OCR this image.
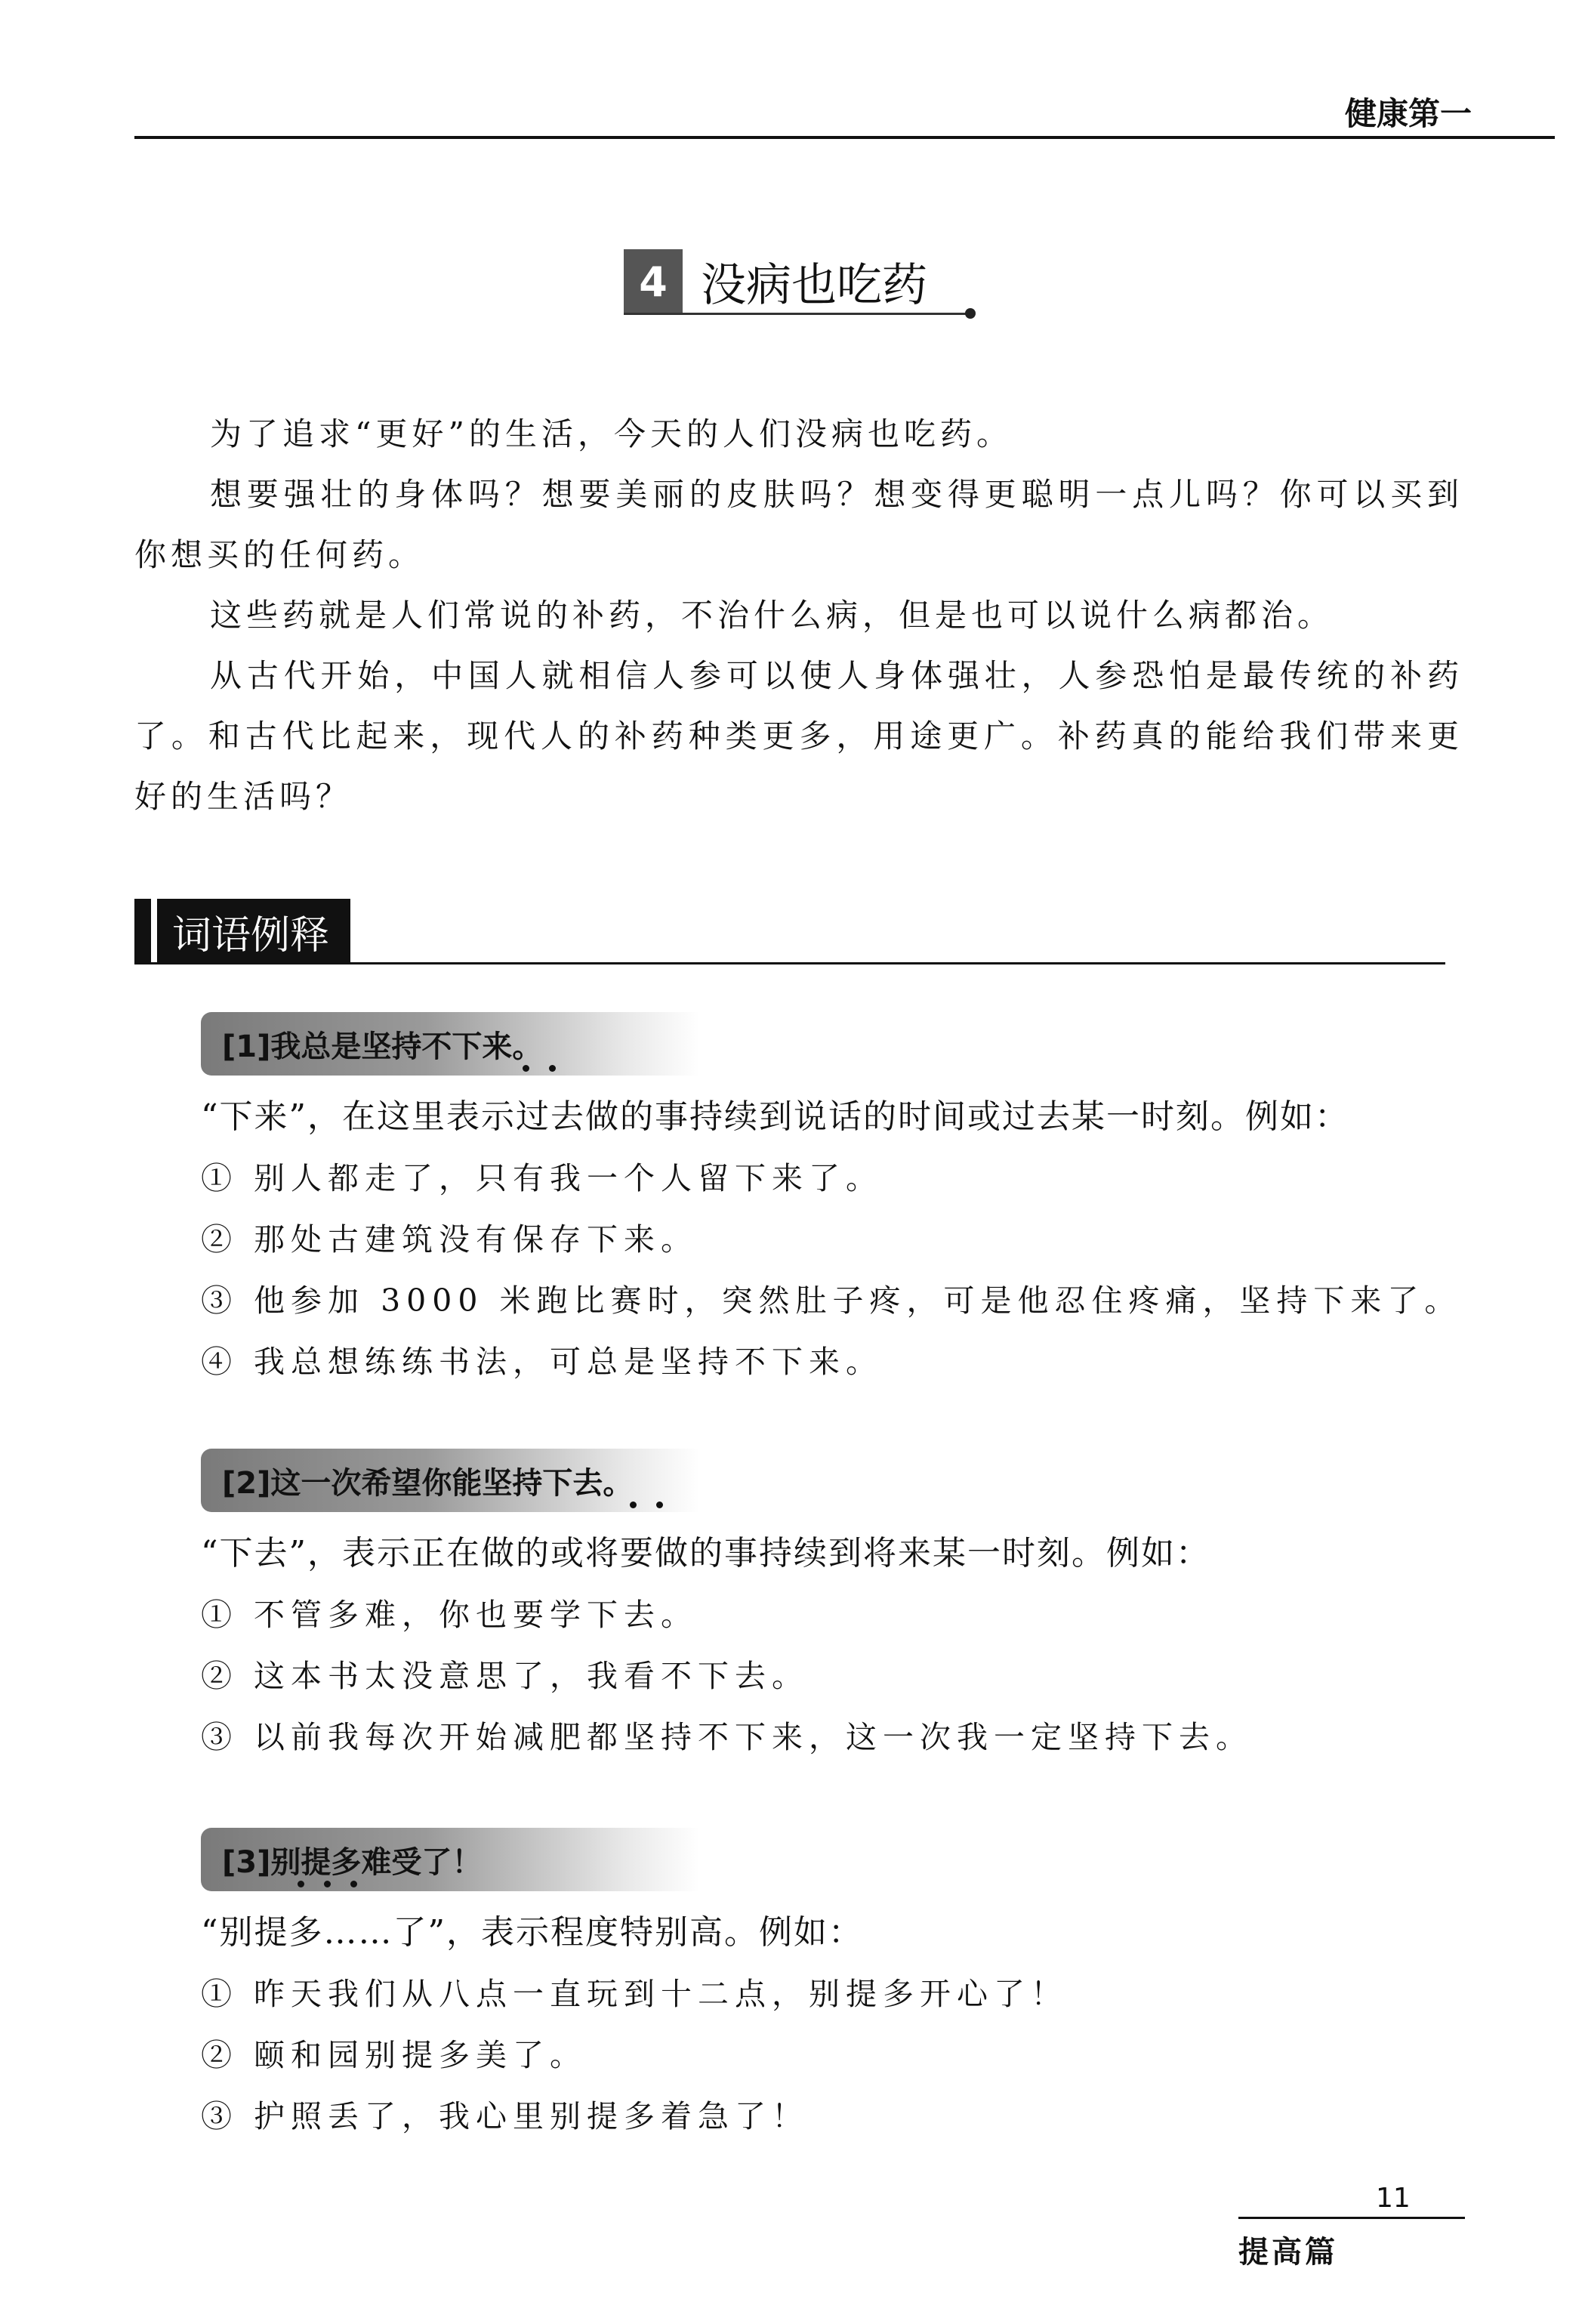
健康第一
4 没病也吃药

为了追求“更好”的生活，今天的人们没病也吃药。

想要强壮的身体吗？想要美丽的皮肤吗？想变得更聪明一点儿吗？你可以买到你想买的任何药。

这些药就是人们常说的补药，不治什么病，但是也可以说什么病都治。

从古代开始，中国人就相信人参可以使人身体强壮，人参恐怕是最传统的补药了。和古代比起来，现代人的补药种类更多，用途更广。补药真的能给我们带来更好的生活吗？

词语例释
[1]我总是坚持不下来。
“下来”，在这里表示过去做的事持续到说话的时间或过去某一时刻。例如：
① 别人都走了，只有我一个人留下来了。
② 那处古建筑没有保存下来。
③ 他参加 3000 米跑比赛时，突然肚子疼，可是他忍住疼痛，坚持下来了。
④ 我总想练练书法，可总是坚持不下来。
[2]这一次希望你能坚持下去。
“下去”，表示正在做的或将要做的事持续到将来某一时刻。例如：
① 不管多难，你也要学下去。
② 这本书太没意思了，我看不下去。
③ 以前我每次开始减肥都坚持不下来，这一次我一定坚持下去。
[3]别提多难受了！
“别提多……了”，表示程度特别高。例如：
① 昨天我们从八点一直玩到十二点，别提多开心了！
② 颐和园别提多美了。
③ 护照丢了，我心里别提多着急了！
11
提高篇
